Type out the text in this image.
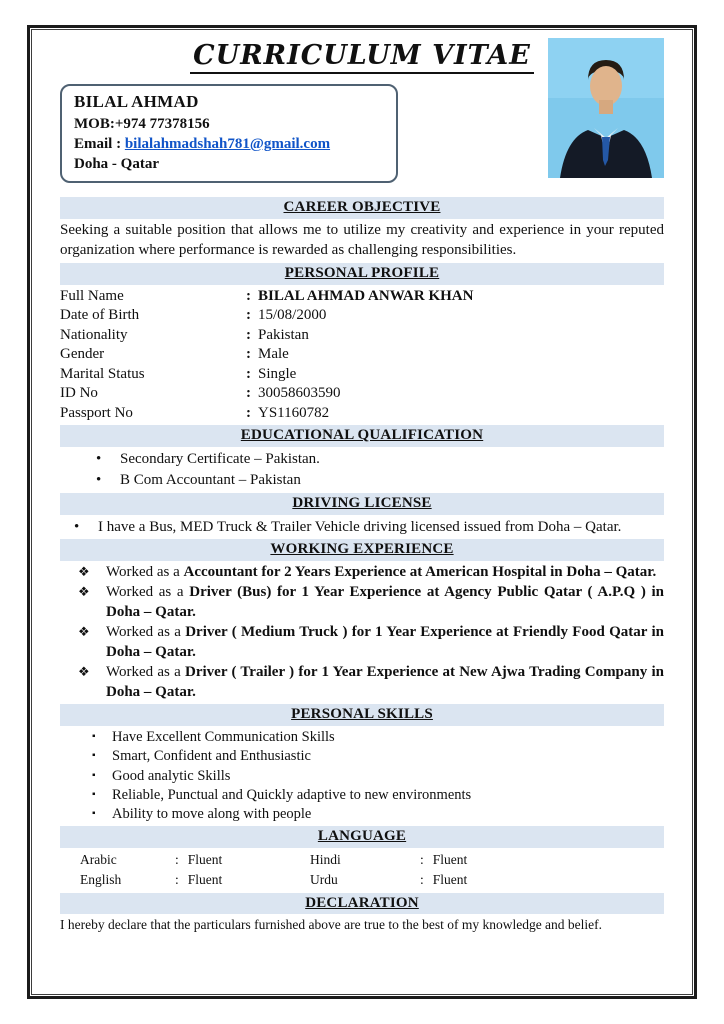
CURRICULUM VITAE
BILAL AHMAD
MOB:+974 77378156
Email : bilalahmadshah781@gmail.com
Doha - Qatar
CAREER OBJECTIVE
Seeking a suitable position that allows me to utilize my creativity and experience in your reputed organization where performance is rewarded as challenging responsibilities.
PERSONAL PROFILE
Full Name	: BILAL AHMAD ANWAR KHAN
Date of Birth	: 15/08/2000
Nationality	: Pakistan
Gender	: Male
Marital Status	: Single
ID No	: 30058603590
Passport No	: YS1160782
EDUCATIONAL QUALIFICATION
•	Secondary Certificate – Pakistan.
•	B Com Accountant – Pakistan
DRIVING LICENSE
•	I have a Bus, MED Truck & Trailer Vehicle driving licensed issued from Doha – Qatar.
WORKING EXPERIENCE
❖	Worked as a Accountant for 2 Years Experience at American Hospital in Doha – Qatar.
❖	Worked as a Driver (Bus) for 1 Year Experience at Agency Public Qatar ( A.P.Q ) in Doha – Qatar.
❖	Worked as a Driver ( Medium Truck ) for 1 Year Experience at Friendly Food Qatar in Doha – Qatar.
❖	Worked as a Driver ( Trailer ) for 1 Year Experience at New Ajwa Trading Company in Doha – Qatar.
PERSONAL SKILLS
▪	Have Excellent Communication Skills
▪	Smart, Confident and Enthusiastic
▪	Good analytic Skills
▪	Reliable, Punctual and Quickly adaptive to new environments
▪	Ability to move along with people
LANGUAGE
Arabic	: Fluent	Hindi	: Fluent
English	: Fluent	Urdu	: Fluent
DECLARATION
I hereby declare that the particulars furnished above are true to the best of my knowledge and belief.
